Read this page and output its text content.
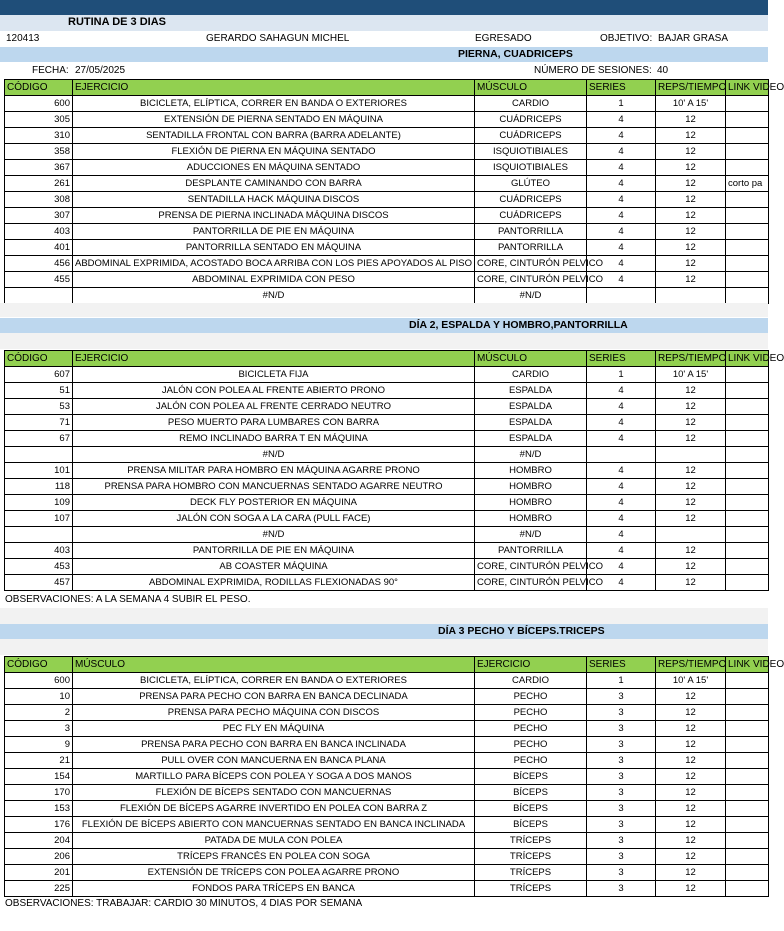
RUTINA DE 3 DIAS
120413	GERARDO SAHAGUN MICHEL	EGRESADO	OBJETIVO: BAJAR GRASA
PIERNA, CUADRICEPS
FECHA: 27/05/2025	NÚMERO DE SESIONES: 40
CÓDIGO	EJERCICIO	MÚSCULO	SERIES	REPS/TIEMPO	LINK VIDEO
600	BICICLETA, ELÍPTICA, CORRER EN BANDA O EXTERIORES	CARDIO	1	10' A 15'	
305	EXTENSIÓN DE PIERNA SENTADO EN MÁQUINA	CUÁDRICEPS	4	12	
310	SENTADILLA FRONTAL CON BARRA (BARRA ADELANTE)	CUÁDRICEPS	4	12	
358	FLEXIÓN DE PIERNA EN MÁQUINA SENTADO	ISQUIOTIBIALES	4	12	
367	ADUCCIONES EN MÁQUINA SENTADO	ISQUIOTIBIALES	4	12	
261	DESPLANTE CAMINANDO CON BARRA	GLÚTEO	4	12	corto pa
308	SENTADILLA HACK MÁQUINA DISCOS	CUÁDRICEPS	4	12	
307	PRENSA DE PIERNA INCLINADA MÁQUINA DISCOS	CUÁDRICEPS	4	12	
403	PANTORRILLA DE PIE EN MÁQUINA	PANTORRILLA	4	12	
401	PANTORRILLA SENTADO EN MÁQUINA	PANTORRILLA	4	12	
456	ABDOMINAL EXPRIMIDA, ACOSTADO BOCA ARRIBA CON LOS PIES APOYADOS AL PISO	CORE, CINTURÓN PELVICO	4	12	
455	ABDOMINAL EXPRIMIDA CON PESO	CORE, CINTURÓN PELVICO	4	12	
	#N/D	#N/D			
DÍA 2, ESPALDA Y HOMBRO,PANTORRILLA
CÓDIGO	EJERCICIO	MÚSCULO	SERIES	REPS/TIEMPO	LINK VIDEO
607	BICICLETA FIJA	CARDIO	1	10' A 15'	
51	JALÓN CON POLEA AL FRENTE ABIERTO PRONO	ESPALDA	4	12	
53	JALÓN CON POLEA AL FRENTE CERRADO NEUTRO	ESPALDA	4	12	
71	PESO MUERTO PARA LUMBARES CON BARRA	ESPALDA	4	12	
67	REMO INCLINADO BARRA T EN MÁQUINA	ESPALDA	4	12	
	#N/D	#N/D			
101	PRENSA MILITAR PARA HOMBRO EN MÁQUINA AGARRE PRONO	HOMBRO	4	12	
118	PRENSA PARA HOMBRO CON MANCUERNAS SENTADO AGARRE NEUTRO	HOMBRO	4	12	
109	DECK FLY POSTERIOR EN MÁQUINA	HOMBRO	4	12	
107	JALÓN CON SOGA A LA CARA (PULL FACE)	HOMBRO	4	12	
	#N/D	#N/D	4		
403	PANTORRILLA DE PIE EN MÁQUINA	PANTORRILLA	4	12	
453	AB COASTER MÁQUINA	CORE, CINTURÓN PELVICO	4	12	
457	ABDOMINAL EXPRIMIDA, RODILLAS FLEXIONADAS 90°	CORE, CINTURÓN PELVICO	4	12	
OBSERVACIONES: A LA SEMANA 4 SUBIR EL PESO.
DÍA 3 PECHO Y BÍCEPS.TRICEPS
CÓDIGO	MÚSCULO	EJERCICIO	SERIES	REPS/TIEMPO	LINK VIDEO
600	BICICLETA, ELÍPTICA, CORRER EN BANDA O EXTERIORES	CARDIO	1	10' A 15'	
10	PRENSA PARA PECHO CON BARRA EN BANCA DECLINADA	PECHO	3	12	
2	PRENSA PARA PECHO MÁQUINA CON DISCOS	PECHO	3	12	
3	PEC FLY EN MÁQUINA	PECHO	3	12	
9	PRENSA PARA PECHO CON BARRA EN BANCA INCLINADA	PECHO	3	12	
21	PULL OVER CON MANCUERNA EN BANCA PLANA	PECHO	3	12	
154	MARTILLO PARA BÍCEPS CON POLEA Y SOGA A DOS MANOS	BÍCEPS	3	12	
170	FLEXIÓN DE BÍCEPS SENTADO CON MANCUERNAS	BÍCEPS	3	12	
153	FLEXIÓN DE BÍCEPS AGARRE INVERTIDO EN POLEA CON BARRA Z	BÍCEPS	3	12	
176	FLEXIÓN DE BÍCEPS ABIERTO CON MANCUERNAS SENTADO EN BANCA INCLINADA	BÍCEPS	3	12	
204	PATADA DE MULA CON POLEA	TRÍCEPS	3	12	
206	TRÍCEPS FRANCÉS EN POLEA CON SOGA	TRÍCEPS	3	12	
201	EXTENSIÓN DE TRÍCEPS CON POLEA AGARRE PRONO	TRÍCEPS	3	12	
225	FONDOS PARA TRÍCEPS EN BANCA	TRÍCEPS	3	12	
OBSERVACIONES: TRABAJAR: CARDIO 30 MINUTOS, 4 DIAS POR SEMANA
